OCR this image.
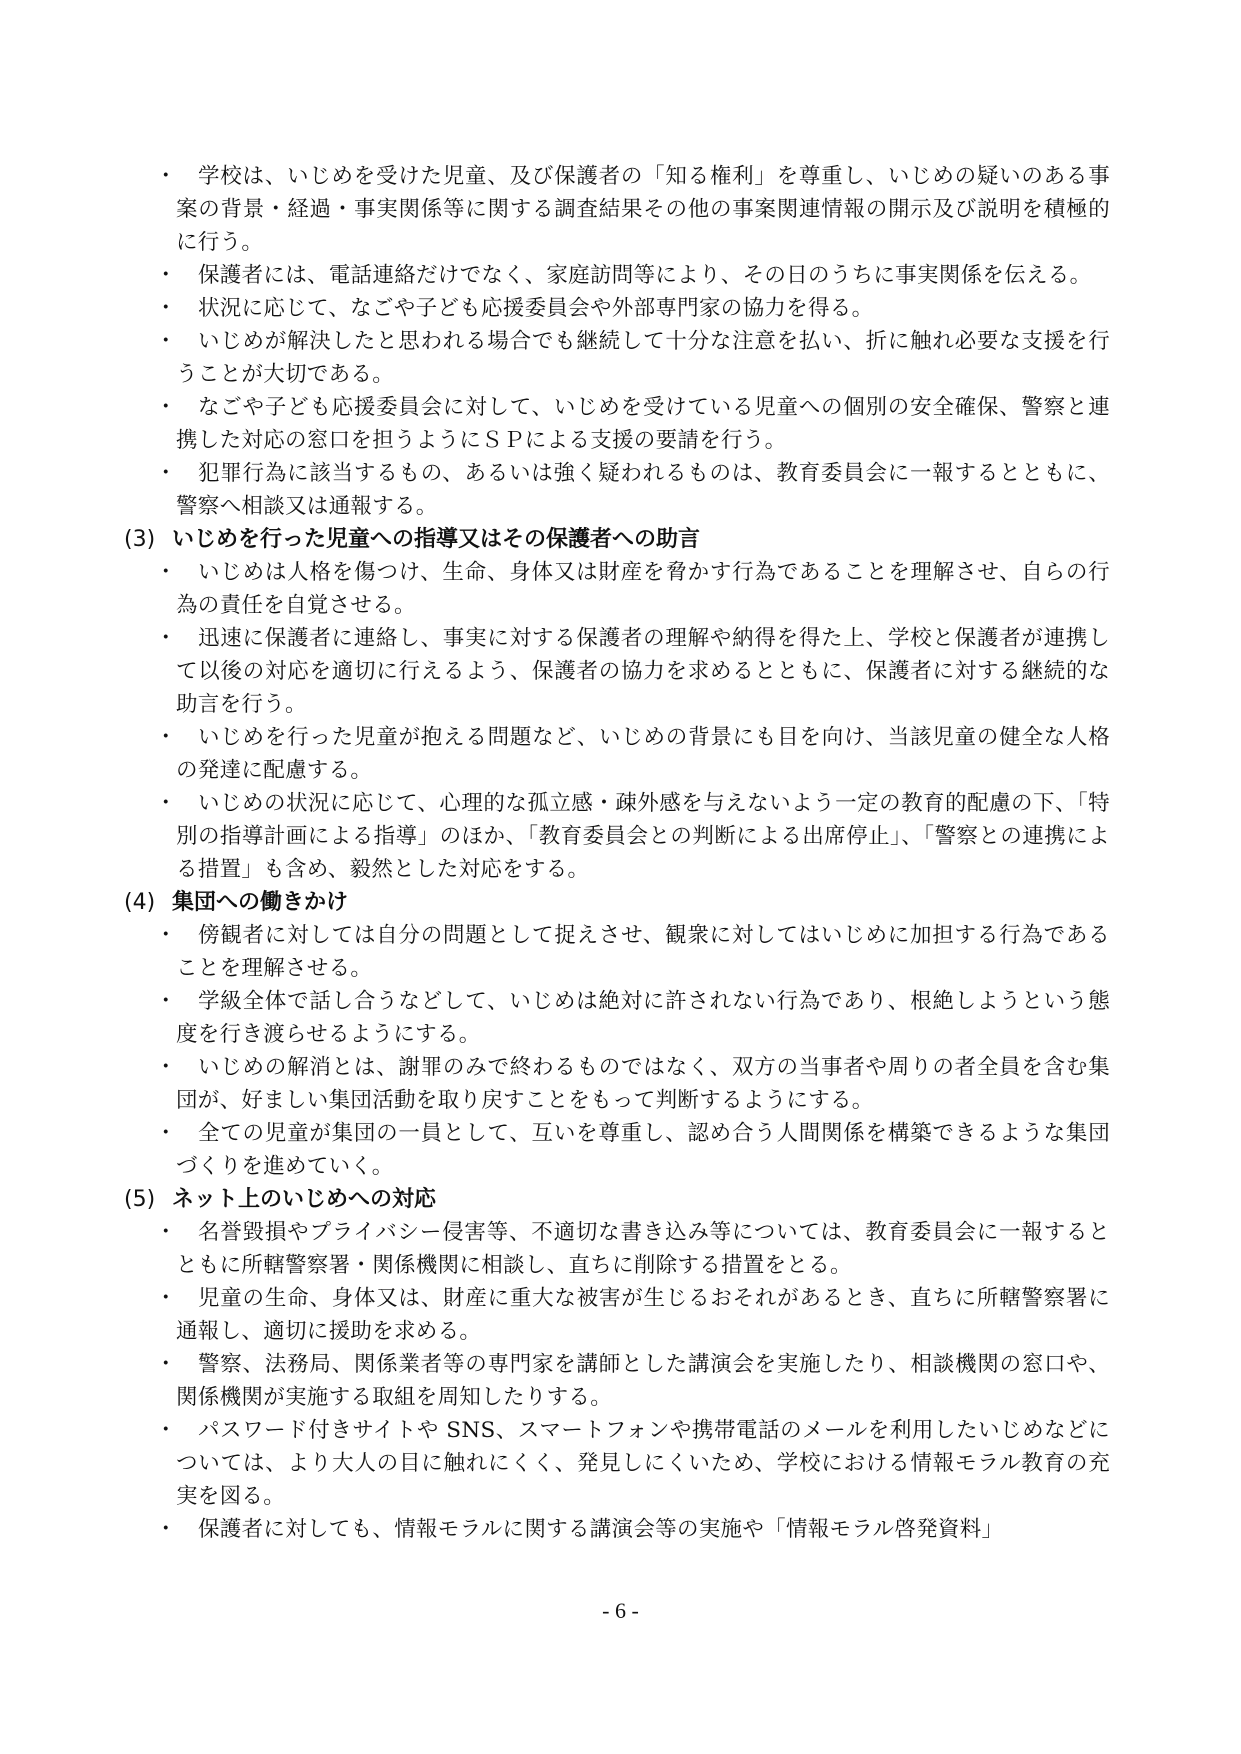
・ 学校は、いじめを受けた児童、及び保護者の「知る権利」を尊重し、いじめの疑いのある事案の背景・経過・事実関係等に関する調査結果その他の事案関連情報の開示及び説明を積極的に行う。
・ 保護者には、電話連絡だけでなく、家庭訪問等により、その日のうちに事実関係を伝える。
・ 状況に応じて、なごや子ども応援委員会や外部専門家の協力を得る。
・ いじめが解決したと思われる場合でも継続して十分な注意を払い、折に触れ必要な支援を行うことが大切である。
・ なごや子ども応援委員会に対して、いじめを受けている児童への個別の安全確保、警察と連携した対応の窓口を担うようにＳＰによる支援の要請を行う。
・ 犯罪行為に該当するもの、あるいは強く疑われるものは、教育委員会に一報するとともに、警察へ相談又は通報する。
(3) いじめを行った児童への指導又はその保護者への助言
・ いじめは人格を傷つけ、生命、身体又は財産を脅かす行為であることを理解させ、自らの行為の責任を自覚させる。
・ 迅速に保護者に連絡し、事実に対する保護者の理解や納得を得た上、学校と保護者が連携して以後の対応を適切に行えるよう、保護者の協力を求めるとともに、保護者に対する継続的な助言を行う。
・ いじめを行った児童が抱える問題など、いじめの背景にも目を向け、当該児童の健全な人格の発達に配慮する。
・ いじめの状況に応じて、心理的な孤立感・疎外感を与えないよう一定の教育的配慮の下、「特別の指導計画による指導」のほか、「教育委員会との判断による出席停止」、「警察との連携による措置」も含め、毅然とした対応をする。
(4) 集団への働きかけ
・ 傍観者に対しては自分の問題として捉えさせ、観衆に対してはいじめに加担する行為であることを理解させる。
・ 学級全体で話し合うなどして、いじめは絶対に許されない行為であり、根絶しようという態度を行き渡らせるようにする。
・ いじめの解消とは、謝罪のみで終わるものではなく、双方の当事者や周りの者全員を含む集団が、好ましい集団活動を取り戻すことをもって判断するようにする。
・ 全ての児童が集団の一員として、互いを尊重し、認め合う人間関係を構築できるような集団づくりを進めていく。
(5) ネット上のいじめへの対応
・ 名誉毀損やプライバシー侵害等、不適切な書き込み等については、教育委員会に一報するとともに所轄警察署・関係機関に相談し、直ちに削除する措置をとる。
・ 児童の生命、身体又は、財産に重大な被害が生じるおそれがあるとき、直ちに所轄警察署に通報し、適切に援助を求める。
・ 警察、法務局、関係業者等の専門家を講師とした講演会を実施したり、相談機関の窓口や、関係機関が実施する取組を周知したりする。
・ パスワード付きサイトや SNS、スマートフォンや携帯電話のメールを利用したいじめなどについては、より大人の目に触れにくく、発見しにくいため、学校における情報モラル教育の充実を図る。
・ 保護者に対しても、情報モラルに関する講演会等の実施や「情報モラル啓発資料」
- 6 -
